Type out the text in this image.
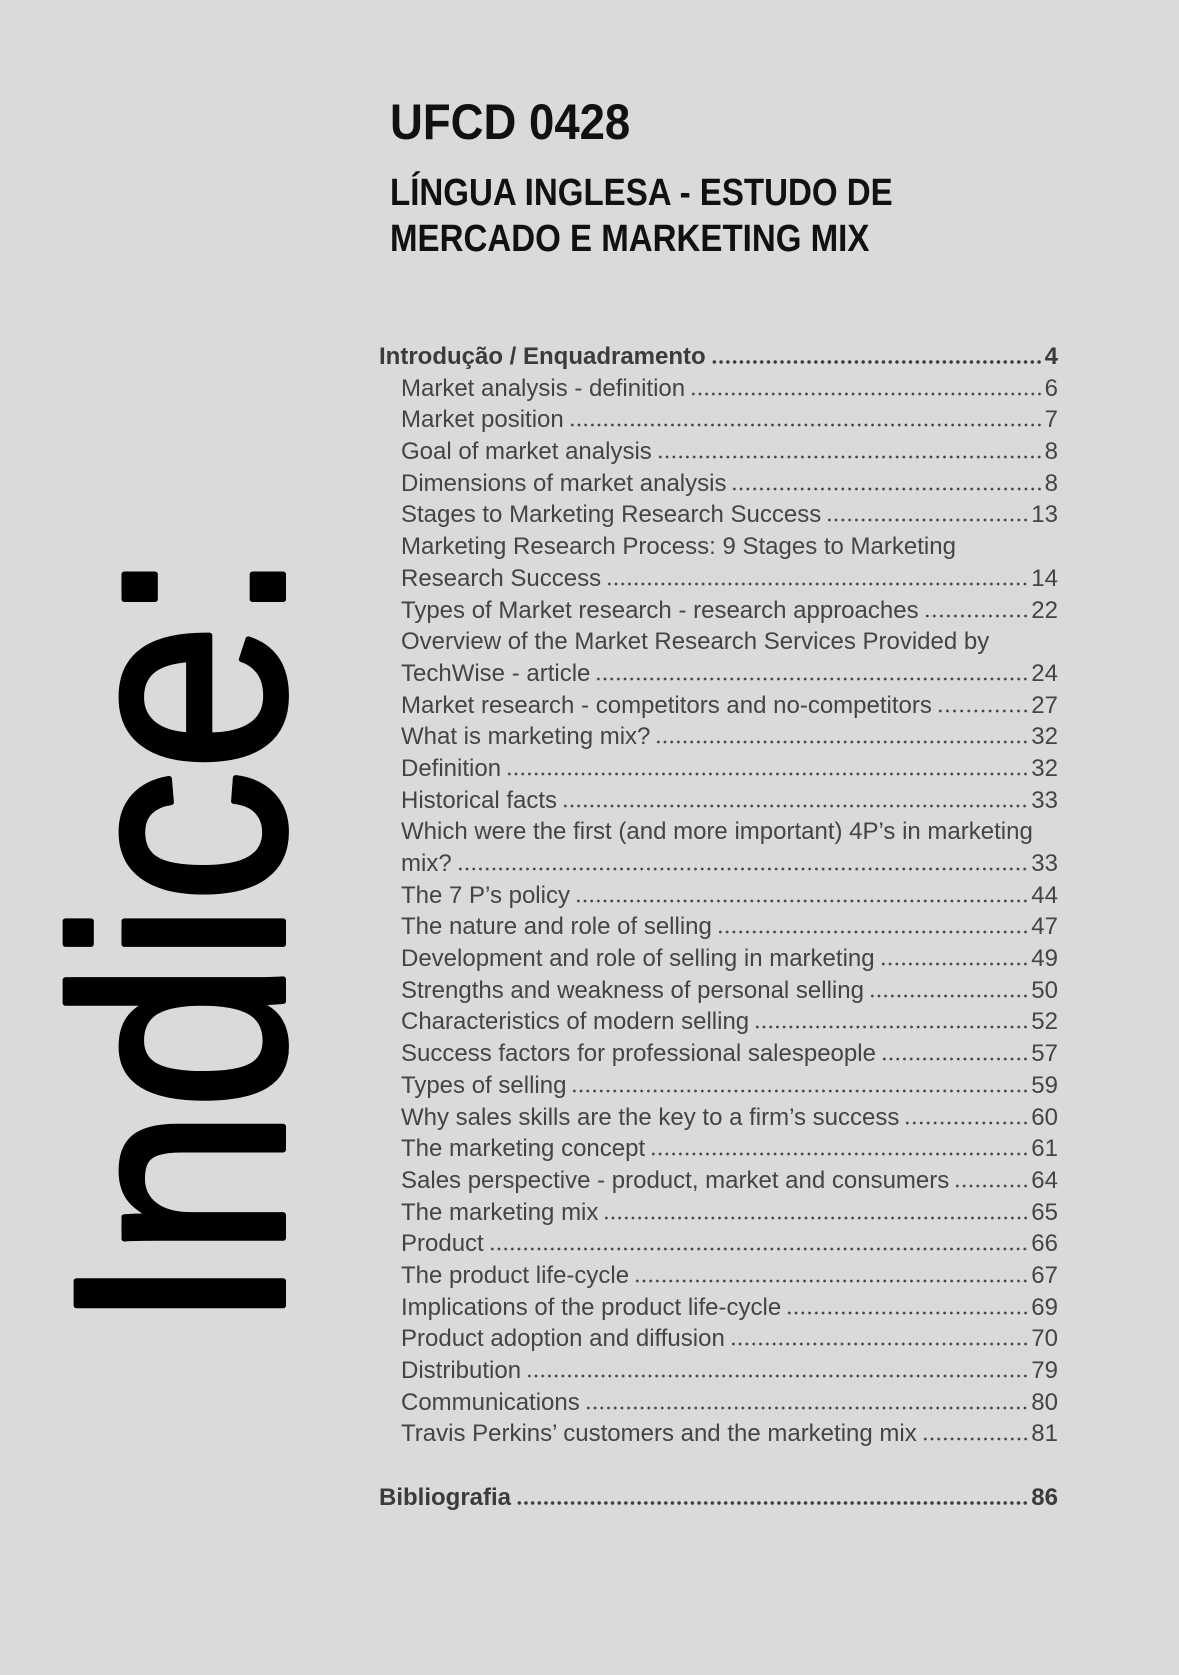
Indice:
UFCD 0428
LÍNGUA INGLESA - ESTUDO DE
MERCADO E MARKETING MIX
Introdução / Enquadramento	4
Market analysis - definition	6
Market position	7
Goal of market analysis	8
Dimensions of market analysis	8
Stages to Marketing Research Success	13
Marketing Research Process: 9 Stages to Marketing
Research Success	14
Types of Market research - research approaches	22
Overview of the Market Research Services Provided by
TechWise - article	24
Market research - competitors and no-competitors	27
What is marketing mix?	32
Definition	32
Historical facts	33
Which were the first (and more important) 4P’s in marketing
mix?	33
The 7 P’s policy	44
The nature and role of selling	47
Development and role of selling in marketing	49
Strengths and weakness of personal selling	50
Characteristics of modern selling	52
Success factors for professional salespeople	57
Types of selling	59
Why sales skills are the key to a firm’s success	60
The marketing concept	61
Sales perspective - product, market and consumers	64
The marketing mix	65
Product	66
The product life-cycle	67
Implications of the product life-cycle	69
Product adoption and diffusion	70
Distribution	79
Communications	80
Travis Perkins’ customers and the marketing mix	81
Bibliografia	86
